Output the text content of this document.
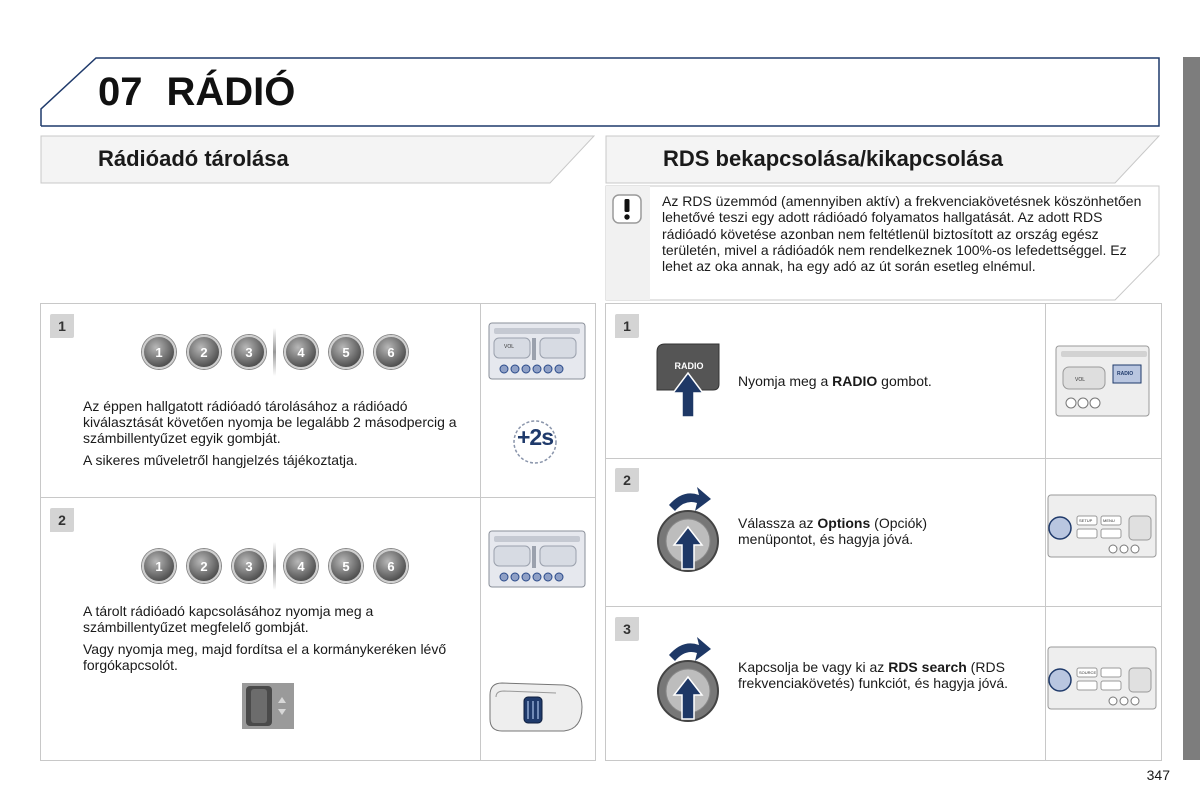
07 RÁDIÓ
Rádióadó tárolása	RDS bekapcsolása/kikapcsolása
Az RDS üzemmód (amennyiben aktív) a frekvenciakövetésnek köszönhetően lehetővé teszi egy adott rádióadó folyamatos hallgatását. Az adott RDS rádióadó követése azonban nem feltétlenül biztosított az ország egész területén, mivel a rádióadók nem rendelkeznek 100%-os lefedettséggel. Ez lehet az oka annak, ha egy adó az út során esetleg elnémul.
1
1	2	3	4	5	6

Az éppen hallgatott rádióadó tárolásához a rádióadó kiválasztását követően nyomja be legalább 2 másodpercig a számbillentyűzet egyik gombját.

A sikeres műveletről hangjelzés tájékoztatja.

+2s
VOL
2
1	2	3	4	5	6

A tárolt rádióadó kapcsolásához nyomja meg a számbillentyűzet megfelelő gombját.

Vagy nyomja meg, majd fordítsa el a kormánykeréken lévő forgókapcsolót.

1
RADIO
Nyomja meg a RADIO gombot.	VOL
RADIO
2
Válassza az Options (Opciók) menüpontot, és hagyja jóvá.
SETUP	MENU
3
Kapcsolja be vagy ki az RDS search (RDS frekvenciakövetés) funkciót, és hagyja jóvá.
SOURCE
347
